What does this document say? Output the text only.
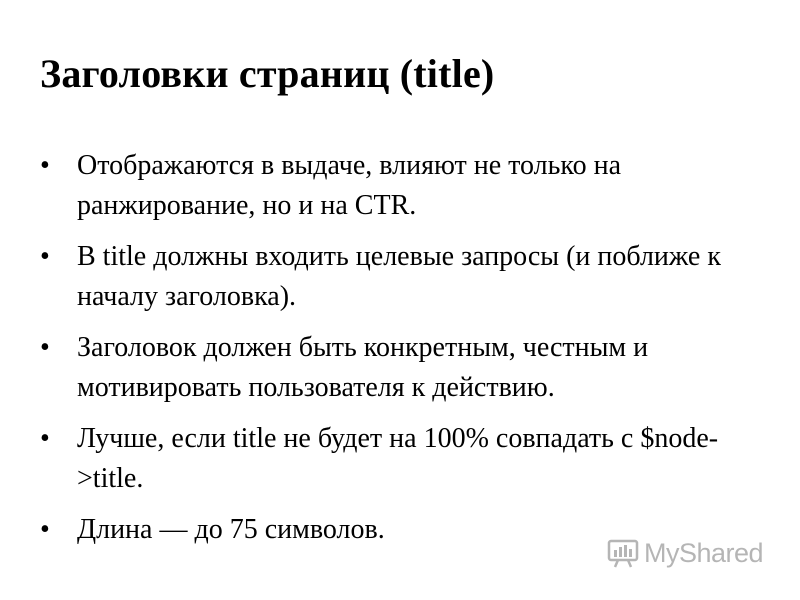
Заголовки страниц (title)
• Отображаются в выдаче, влияют не только на ранжирование, но и на CTR.
• В title должны входить целевые запросы (и поближе к началу заголовка).
• Заголовок должен быть конкретным, честным и мотивировать пользователя к действию.
• Лучше, если title не будет на 100% совпадать с $node->title.
• Длина — до 75 символов.
MyShared
